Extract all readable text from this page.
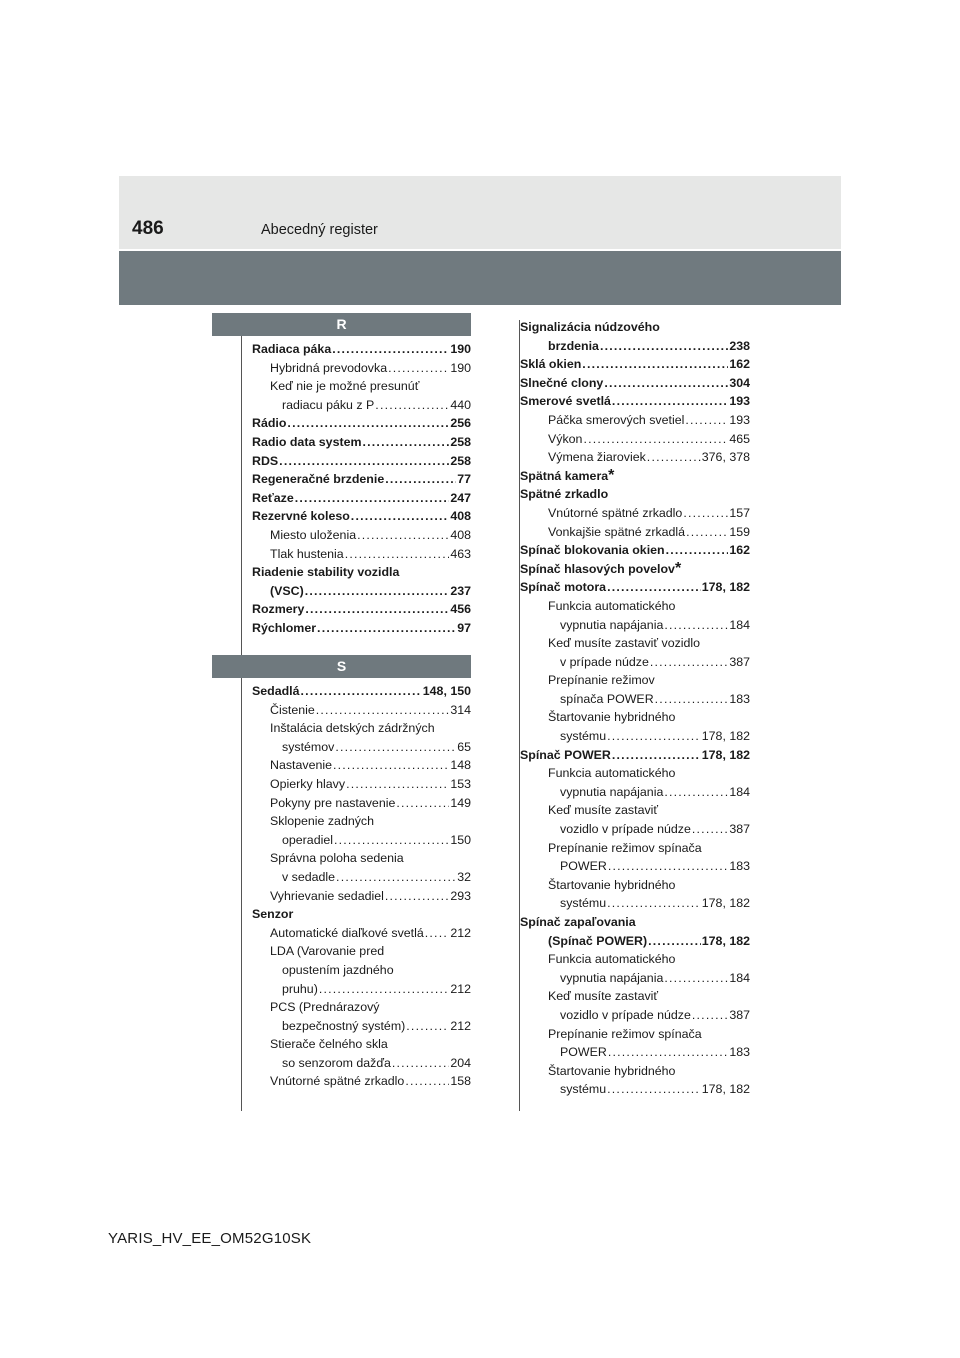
486	Abecedný register
R
Radiaca páka .....	190
Hybridná prevodovka .....	190
Keď nie je možné presunúť
radiacu páku z P .....	440
Rádio .....	256
Radio data system .....	258
RDS .....	258
Regeneračné brzdenie .....	77
Reťaze .....	247
Rezervné koleso .....	408
Miesto uloženia .....	408
Tlak hustenia .....	463
Riadenie stability vozidla
(VSC) .....	237
Rozmery .....	456
Rýchlomer .....	97
S
Sedadlá .....	148, 150
Čistenie .....	314
Inštalácia detských zádržných
systémov .....	65
Nastavenie .....	148
Opierky hlavy .....	153
Pokyny pre nastavenie .....	149
Sklopenie zadných
operadiel .....	150
Správna poloha sedenia
v sedadle .....	32
Vyhrievanie sedadiel .....	293
Senzor
Automatické diaľkové svetlá ..... 212
LDA (Varovanie pred
opustením jazdného
pruhu) .....	212
PCS (Prednárazový
bezpečnostný systém) .....	212
Stierače čelného skla
so senzorom dažďa .....	204
Vnútorné spätné zrkadlo .....	158
Signalizácia núdzového
brzdenia .....	238
Sklá okien .....	162
Slnečné clony .....	304
Smerové svetlá .....	193
Páčka smerových svetiel .....	193
Výkon .....	465
Výmena žiaroviek .....	376, 378
Spätná kamera *
Spätné zrkadlo
Vnútorné spätné zrkadlo .....	157
Vonkajšie spätné zrkadlá .....	159
Spínač blokovania okien .....	162
Spínač hlasových povelov *
Spínač motora .....	178, 182
Funkcia automatického
vypnutia napájania .....	184
Keď musíte zastaviť vozidlo
v prípade núdze .....	387
Prepínanie režimov
spínača POWER .....	183
Štartovanie hybridného
systému .....	178, 182
Spínač POWER .....	178, 182
Funkcia automatického
vypnutia napájania .....	184
Keď musíte zastaviť
vozidlo v prípade núdze .....	387
Prepínanie režimov spínača
POWER .....	183
Štartovanie hybridného
systému .....	178, 182
Spínač zapaľovania
(Spínač POWER) .....	178, 182
Funkcia automatického
vypnutia napájania .....	184
Keď musíte zastaviť
vozidlo v prípade núdze .....	387
Prepínanie režimov spínača
POWER .....	183
Štartovanie hybridného
systému .....	178, 182
YARIS_HV_EE_OM52G10SK
